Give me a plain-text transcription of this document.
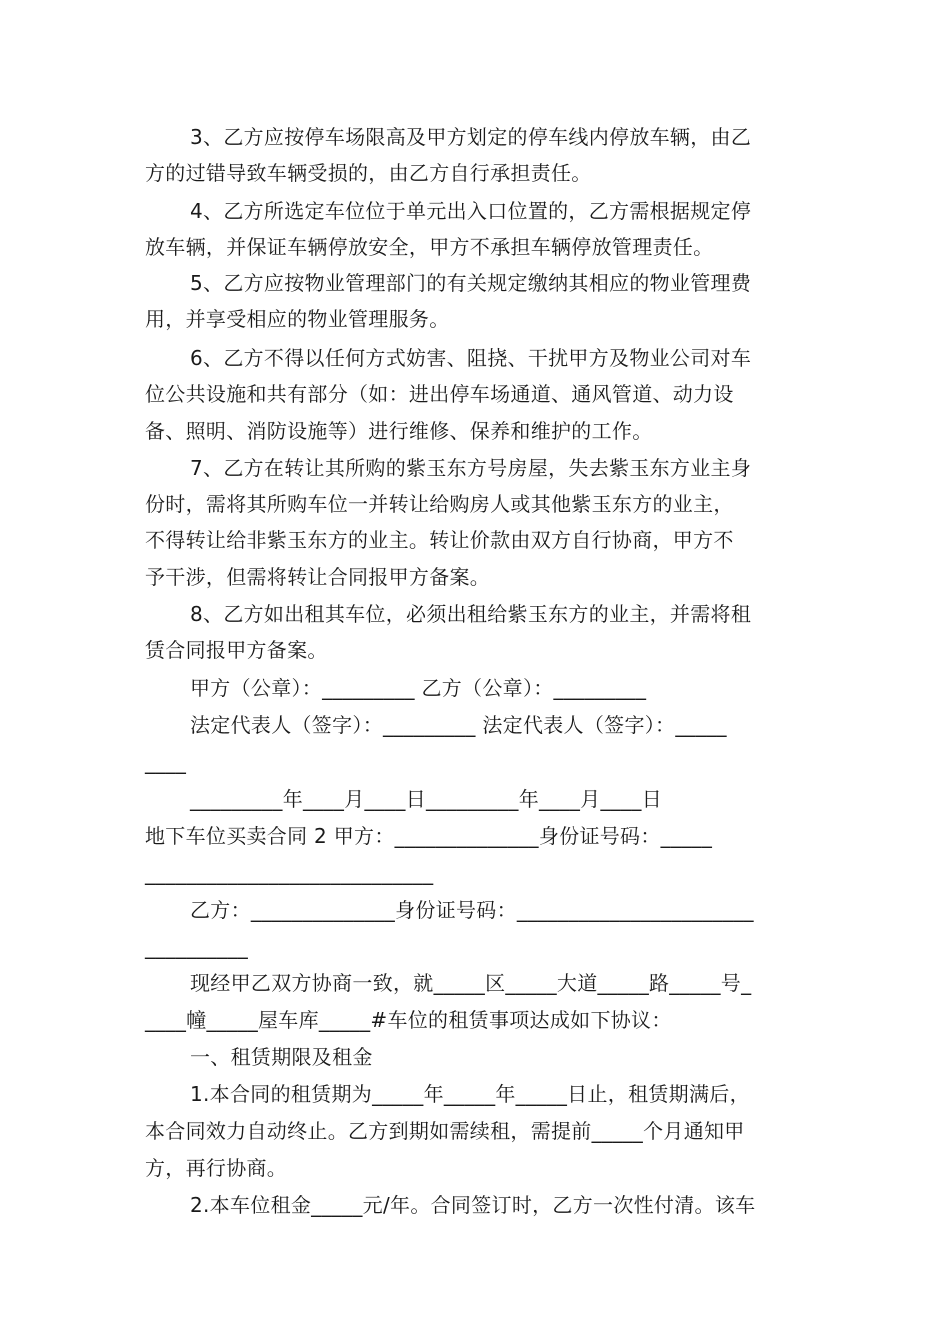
3、乙方应按停车场限高及甲方划定的停车线内停放车辆，由乙
方的过错导致车辆受损的，由乙方自行承担责任。
4、乙方所选定车位位于单元出入口位置的，乙方需根据规定停
放车辆，并保证车辆停放安全，甲方不承担车辆停放管理责任。
5、乙方应按物业管理部门的有关规定缴纳其相应的物业管理费
用，并享受相应的物业管理服务。
6、乙方不得以任何方式妨害、阻挠、干扰甲方及物业公司对车
位公共设施和共有部分（如：进出停车场通道、通风管道、动力设
备、照明、消防设施等）进行维修、保养和维护的工作。
7、乙方在转让其所购的紫玉东方号房屋，失去紫玉东方业主身
份时，需将其所购车位一并转让给购房人或其他紫玉东方的业主，
不得转让给非紫玉东方的业主。转让价款由双方自行协商，甲方不
予干涉，但需将转让合同报甲方备案。
8、乙方如出租其车位，必须出租给紫玉东方的业主，并需将租
赁合同报甲方备案。
甲方（公章）：_________ 乙方（公章）：_________
法定代表人（签字）：_________ 法定代表人（签字）：_____
____
_________年____月____日_________年____月____日
地下车位买卖合同 2 甲方：______________身份证号码：_____
____________________________
乙方：______________身份证号码：_______________________
__________
现经甲乙双方协商一致，就_____区_____大道_____路_____号_
____幢_____屋车库_____#车位的租赁事项达成如下协议：
一、租赁期限及租金
1.本合同的租赁期为_____年_____年_____日止，租赁期满后，
本合同效力自动终止。乙方到期如需续租，需提前_____个月通知甲
方，再行协商。
2.本车位租金_____元/年。合同签订时，乙方一次性付清。该车
